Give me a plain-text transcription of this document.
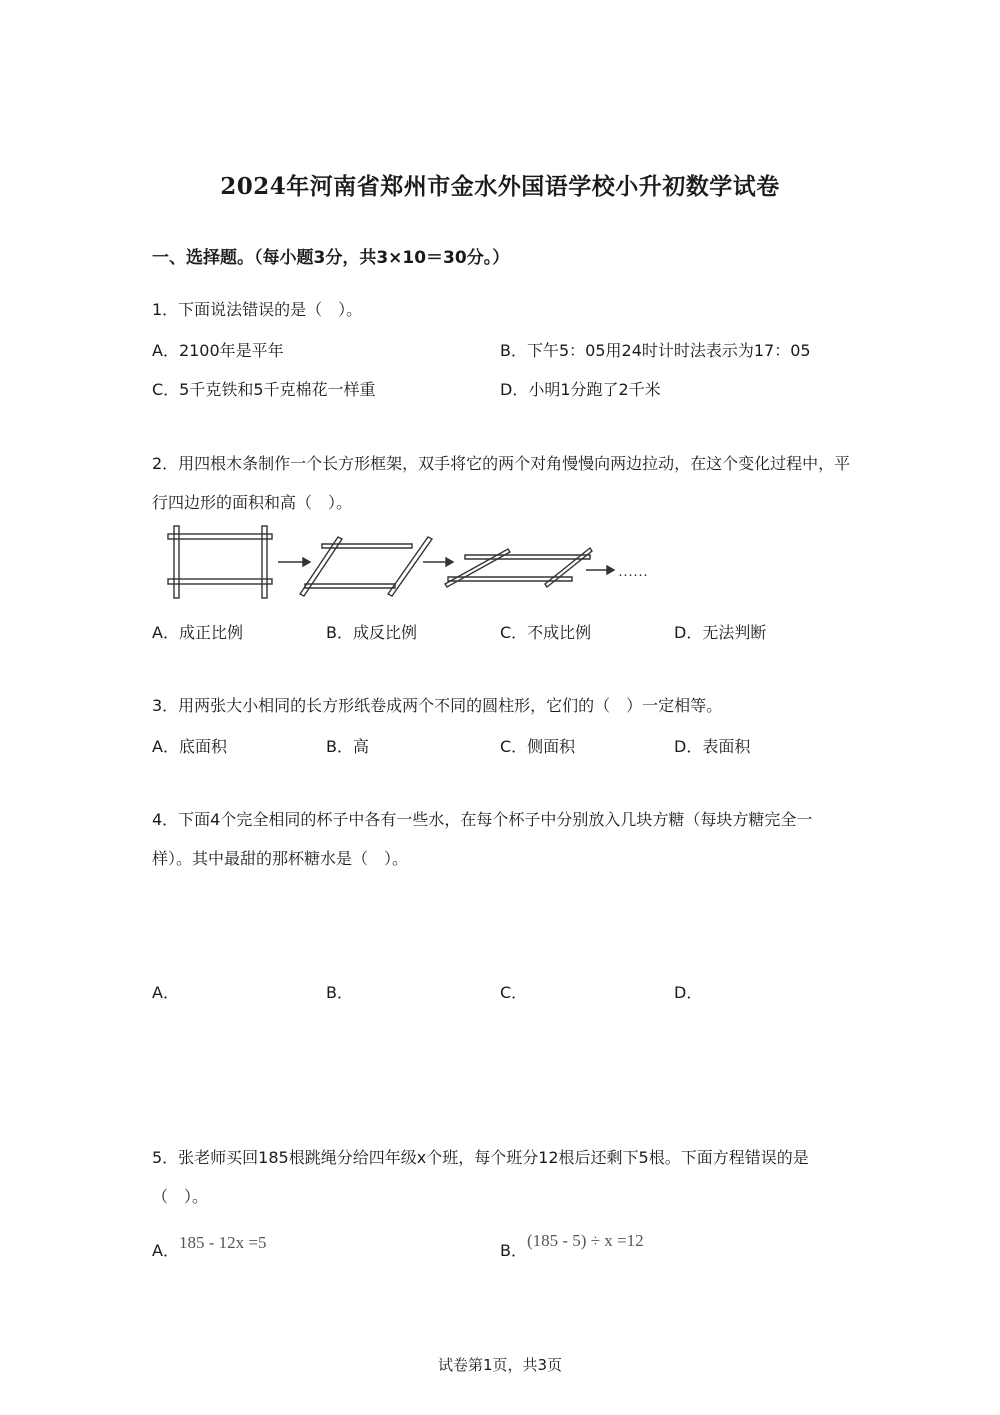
2024年河南省郑州市金水外国语学校小升初数学试卷
一、选择题。（每小题3分，共3×10＝30分。）
1．下面说法错误的是（　）。
A．2100年是平年	B．下午5：05用24时计时法表示为17：05
C．5千克铁和5千克棉花一样重	D．小明1分跑了2千米
2．用四根木条制作一个长方形框架，双手将它的两个对角慢慢向两边拉动，在这个变化过程中，平行四边形的面积和高（　）。
……
A．成正比例	B．成反比例	C．不成比例	D．无法判断
3．用两张大小相同的长方形纸卷成两个不同的圆柱形，它们的（　）一定相等。
A．底面积	B．高	C．侧面积	D．表面积
4．下面4个完全相同的杯子中各有一些水，在每个杯子中分别放入几块方糖（每块方糖完全一样）。其中最甜的那杯糖水是（　）。
A．	B．	C．	D．
5．张老师买回185根跳绳分给四年级x个班，每个班分12根后还剩下5根。下面方程错误的是（　）。
A．185 - 12x =5	B．(185 - 5) ÷ x =12
试卷第1页，共3页
